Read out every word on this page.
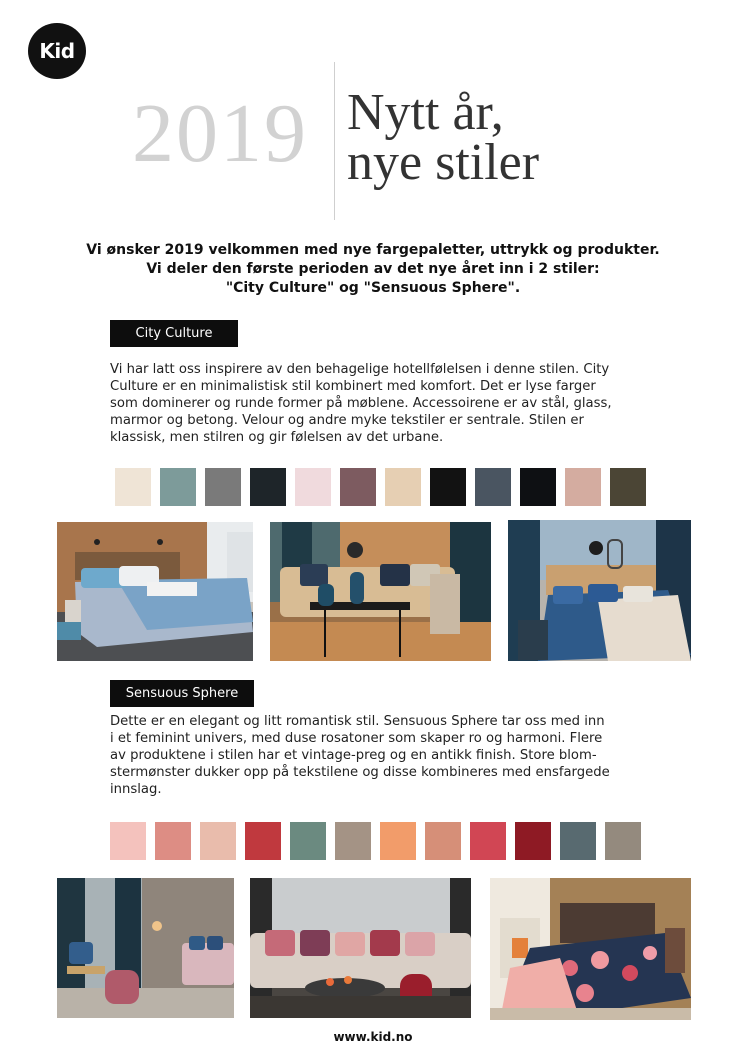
Kid
2019 Nytt år,
nye stiler
Vi ønsker 2019 velkommen med nye fargepaletter, uttrykk og produkter.
Vi deler den første perioden av det nye året inn i 2 stiler:
"City Culture" og "Sensuous Sphere".
City Culture
Vi har latt oss inspirere av den behagelige hotellfølelsen i denne stilen. City
Culture er en minimalistisk stil kombinert med komfort. Det er lyse farger
som dominerer og runde former på møblene. Accessoirene er av stål, glass,
marmor og betong. Velour og andre myke tekstiler er sentrale. Stilen er
klassisk, men stilren og gir følelsen av det urbane.
Sensuous Sphere
Dette er en elegant og litt romantisk stil. Sensuous Sphere tar oss med inn
i et feminint univers, med duse rosatoner som skaper ro og harmoni. Flere
av produktene i stilen har et vintage-preg og en antikk finish. Store blom-
stermønster dukker opp på tekstilene og disse kombineres med ensfargede
innslag.
www.kid.no
